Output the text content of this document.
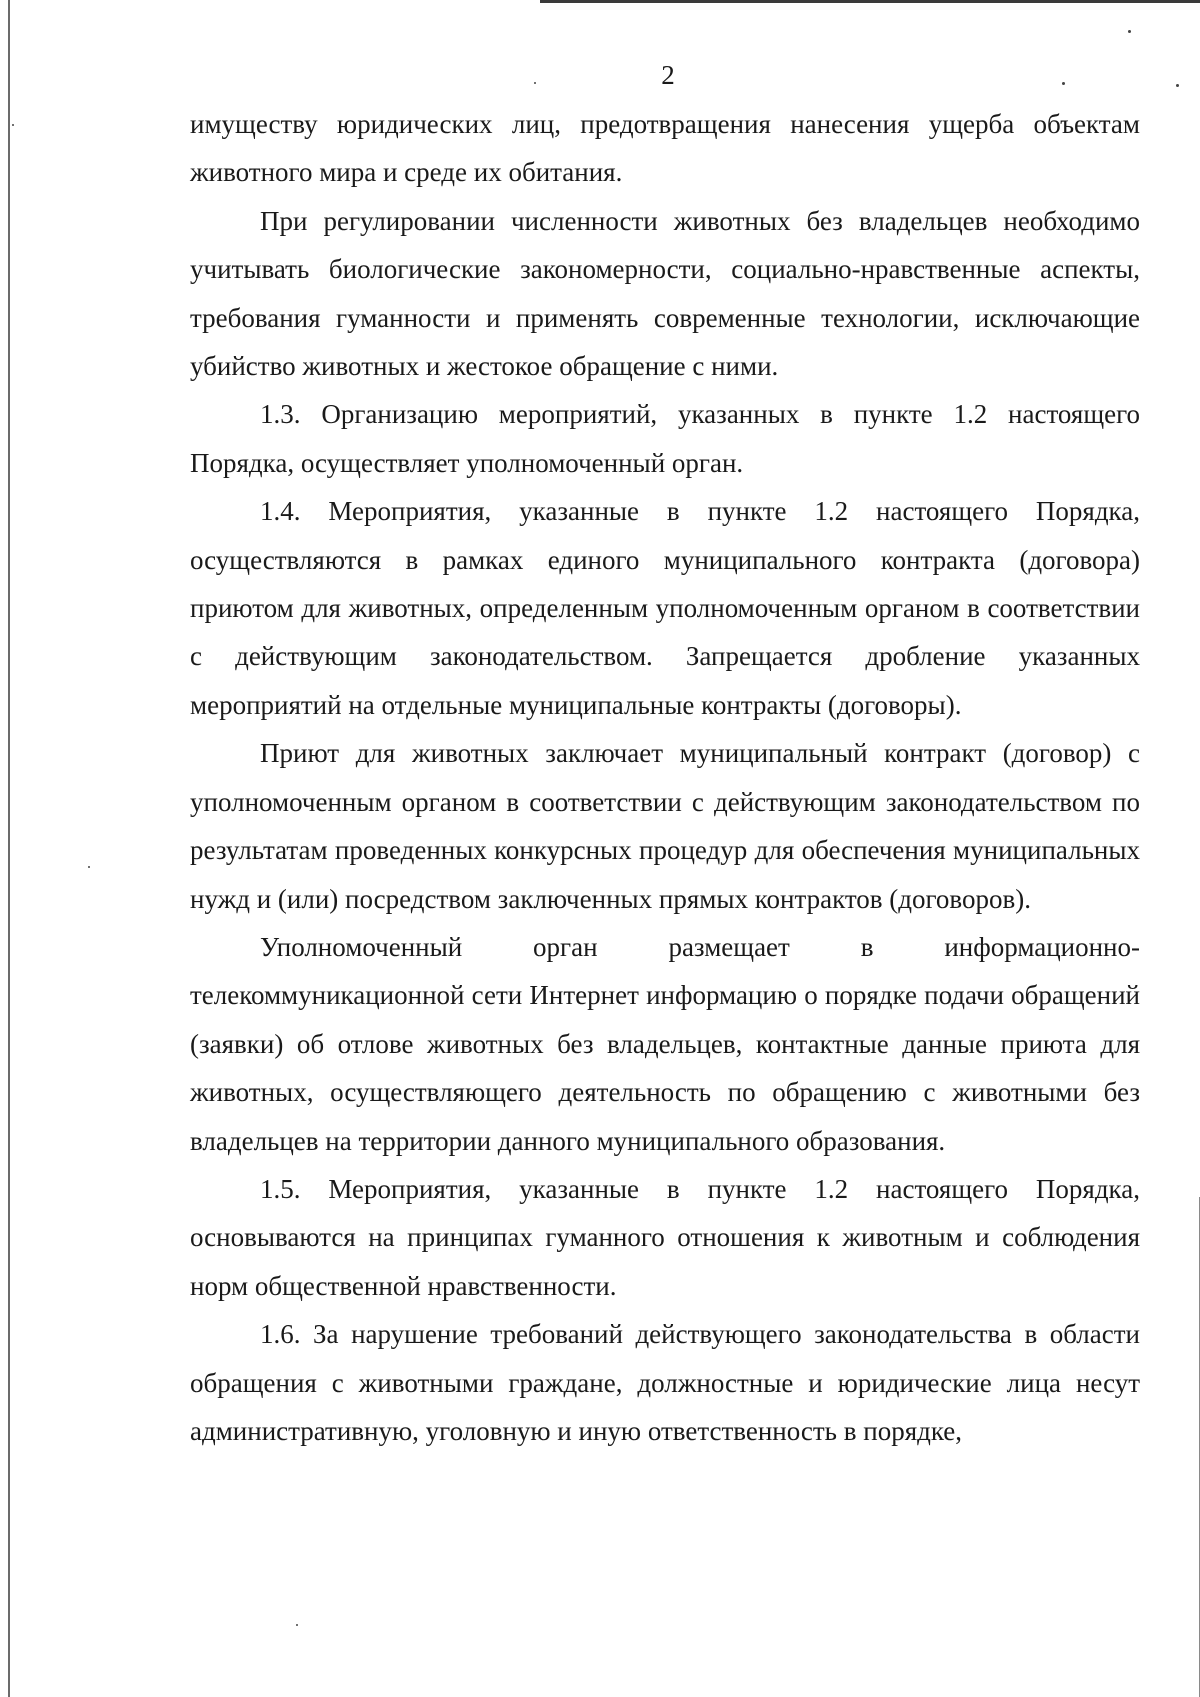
2

имуществу юридических лиц, предотвращения нанесения ущерба объектам животного мира и среде их обитания.

При регулировании численности животных без владельцев необходимо учитывать биологические закономерности, социально-нравственные аспекты, требования гуманности и применять современные технологии, исключающие убийство животных и жестокое обращение с ними.

1.3. Организацию мероприятий, указанных в пункте 1.2 настоящего Порядка, осуществляет уполномоченный орган.

1.4. Мероприятия, указанные в пункте 1.2 настоящего Порядка, осуществляются в рамках единого муниципального контракта (договора) приютом для животных, определенным уполномоченным органом в соответствии с действующим законодательством. Запрещается дробление указанных мероприятий на отдельные муниципальные контракты (договоры).

Приют для животных заключает муниципальный контракт (договор) с уполномоченным органом в соответствии с действующим законодательством по результатам проведенных конкурсных процедур для обеспечения муниципальных нужд и (или) посредством заключенных прямых контрактов (договоров).

Уполномоченный орган размещает в информационно-телекоммуникационной сети Интернет информацию о порядке подачи обращений (заявки) об отлове животных без владельцев, контактные данные приюта для животных, осуществляющего деятельность по обращению с животными без владельцев на территории данного муниципального образования.

1.5. Мероприятия, указанные в пункте 1.2 настоящего Порядка, основываются на принципах гуманного отношения к животным и соблюдения норм общественной нравственности.

1.6. За нарушение требований действующего законодательства в области обращения с животными граждане, должностные и юридические лица несут административную, уголовную и иную ответственность в порядке,
